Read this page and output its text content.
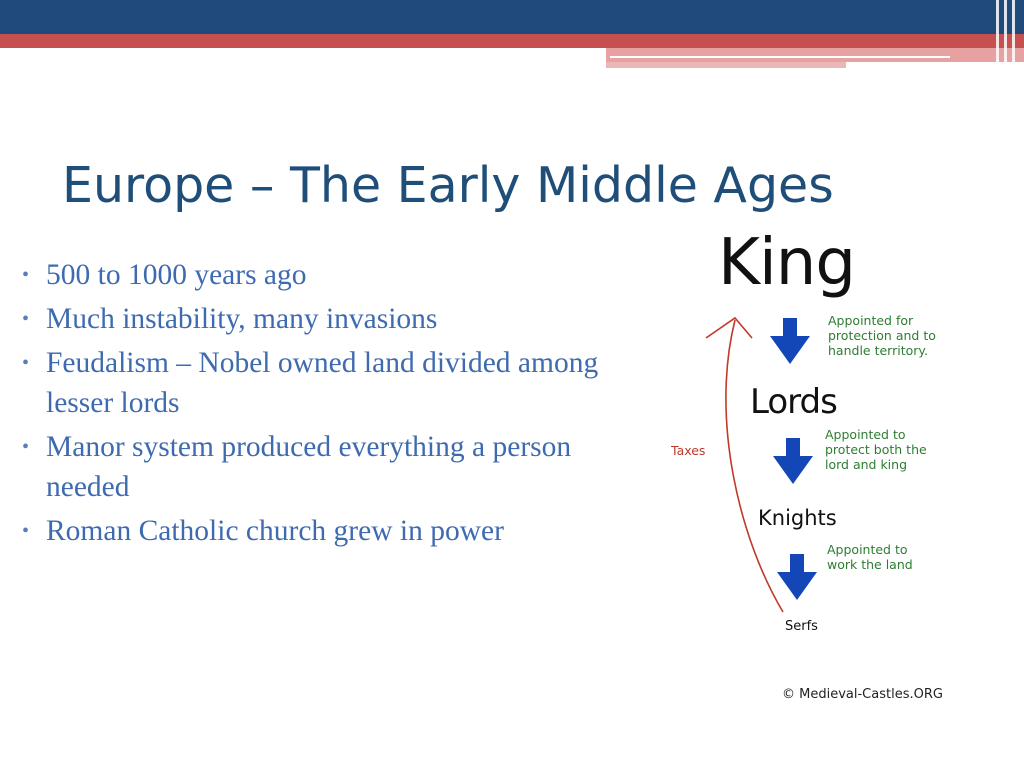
Europe – The Early Middle Ages
• 500 to 1000 years ago
• Much instability, many invasions
• Feudalism – Nobel owned land divided among lesser lords
• Manor system produced everything a person needed
• Roman Catholic church grew in power
King
Appointed for protection and to handle territory.
Lords
Taxes
Appointed to protect both the lord and king
Knights
Appointed to work the land
Serfs
© Medieval-Castles.ORG
